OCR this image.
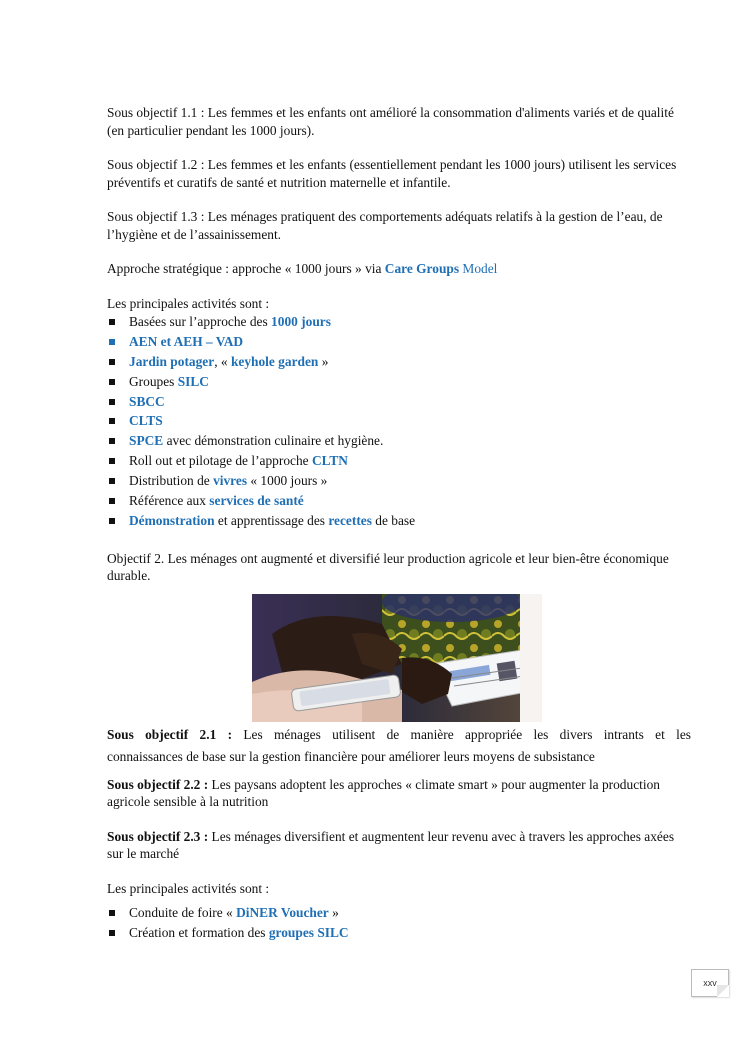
Sous objectif 1.1 : Les femmes et les enfants ont amélioré la consommation d'aliments variés et de qualité (en particulier pendant les 1000 jours).

Sous objectif 1.2 : Les femmes et les enfants (essentiellement pendant les 1000 jours) utilisent les services préventifs et curatifs de santé et nutrition maternelle et infantile.

Sous objectif 1.3 : Les ménages pratiquent des comportements adéquats relatifs à la gestion de l’eau, de l’hygiène et de l’assainissement.

Approche stratégique : approche « 1000 jours » via Care Groups Model

Les principales activités sont :

Basées sur l’approche des 1000 jours
AEN et AEH – VAD
Jardin potager, « keyhole garden »
Groupes SILC
SBCC
CLTS
SPCE avec démonstration culinaire et hygiène.
Roll out et pilotage de l’approche CLTN
Distribution de vivres « 1000 jours »
Référence aux services de santé
Démonstration et apprentissage des recettes de base

Objectif 2. Les ménages ont augmenté et diversifié leur production agricole et leur bien-être économique durable.

Sous objectif 2.1 : Les ménages utilisent de manière appropriée les divers intrants et les
connaissances de base sur la gestion financière pour améliorer leurs moyens de subsistance

Sous objectif 2.2 : Les paysans adoptent les approches « climate smart » pour augmenter la production agricole sensible à la nutrition

Sous objectif 2.3 : Les ménages diversifient et augmentent leur revenu avec à travers les approches axées sur le marché

Les principales activités sont :

Conduite de foire « DiNER Voucher »
Création et formation des groupes SILC
xxv
